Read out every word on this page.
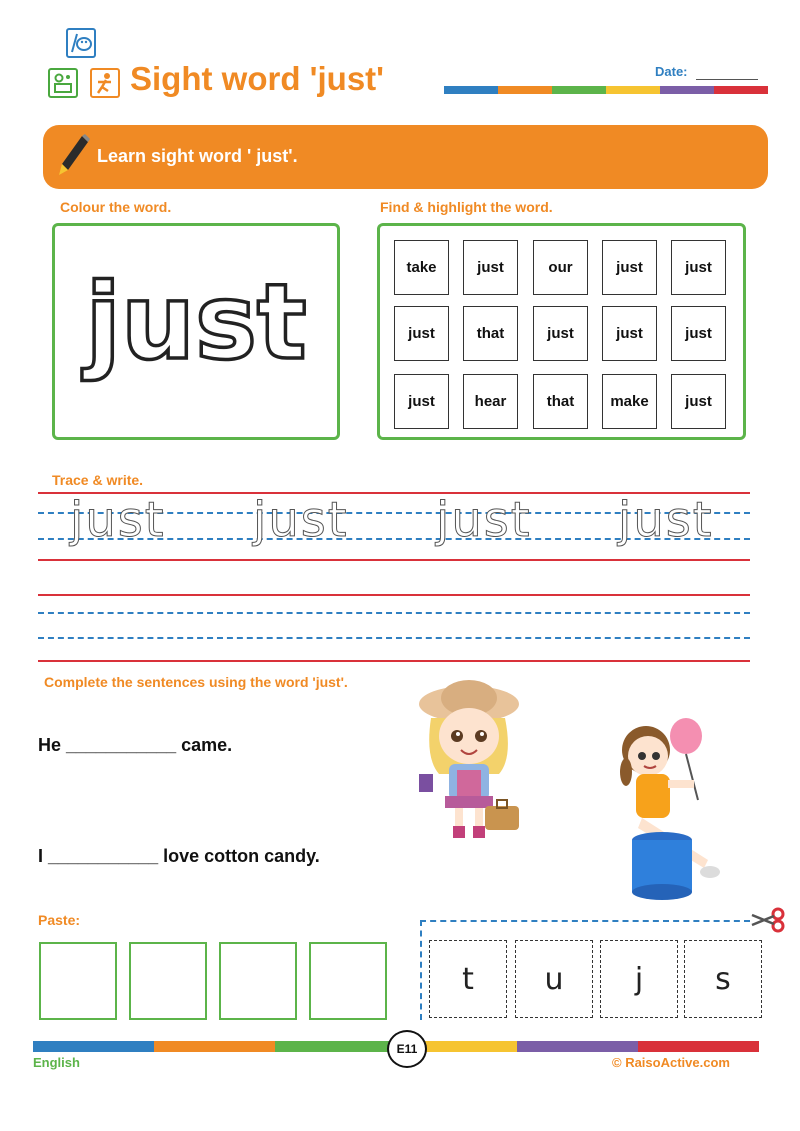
Sight word 'just'	Date:
Learn sight word ' just'.
Colour the word.
just
Find & highlight the word.
take	just	our	just	just
just	that	just	just	just
just	hear	that	make	just
Trace & write.
just just just just
Complete the sentences using the word 'just'.
He ___________ came.
I ___________ love cotton candy.
Paste:
t	u	j	s
E11
English	© RaisoActive.com
